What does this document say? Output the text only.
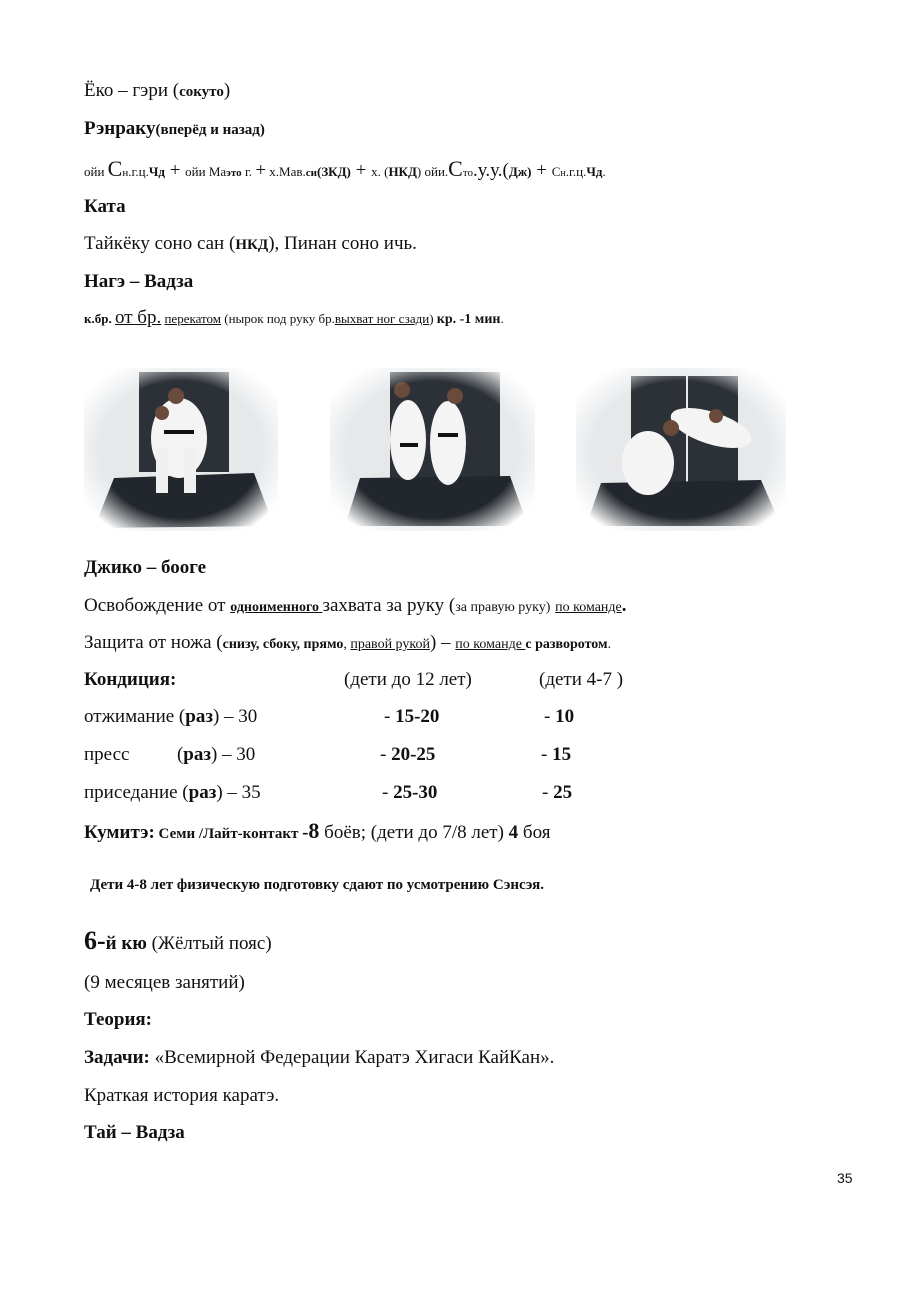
Ёко – гэри (сокуто)
Рэнраку(вперёд и назад)
ойи Сн.г.ц.Чд + ойи Маэто г. + х.Мав.си(ЗКД) + х. (НКД) ойи.Сто.у.у.(Дж) + Сн.г.ц.Чд.
Ката
Тайкёку соно сан (НКД), Пинан соно ичь.
Нагэ – Вадза
к.бр. от бр. перекатом (нырок под руку бр.выхват ног сзади) кр. -1 мин.
Джико – бооге
Освобождение от одноименного захвата за руку (за правую руку) по команде.
Защита от ножа (снизу, сбоку, прямо, правой рукой) – по команде с разворотом.
Кондиция:	(дети до 12 лет)	(дети 4-7 )
отжимание (раз) – 30	- 15-20	- 10
пресс          (раз) – 30	- 20-25	- 15
приседание (раз) – 35	- 25-30	- 25
Кумитэ: Семи /Лайт-контакт -8 боёв; (дети до 7/8 лет) 4 боя
Дети 4-8 лет физическую подготовку сдают по усмотрению Сэнсэя.
6-й кю (Жёлтый пояс)
(9 месяцев занятий)
Теория:
Задачи: «Всемирной Федерации Каратэ Хигаси КайКан».
Краткая история каратэ.
Тай – Вадза
35
